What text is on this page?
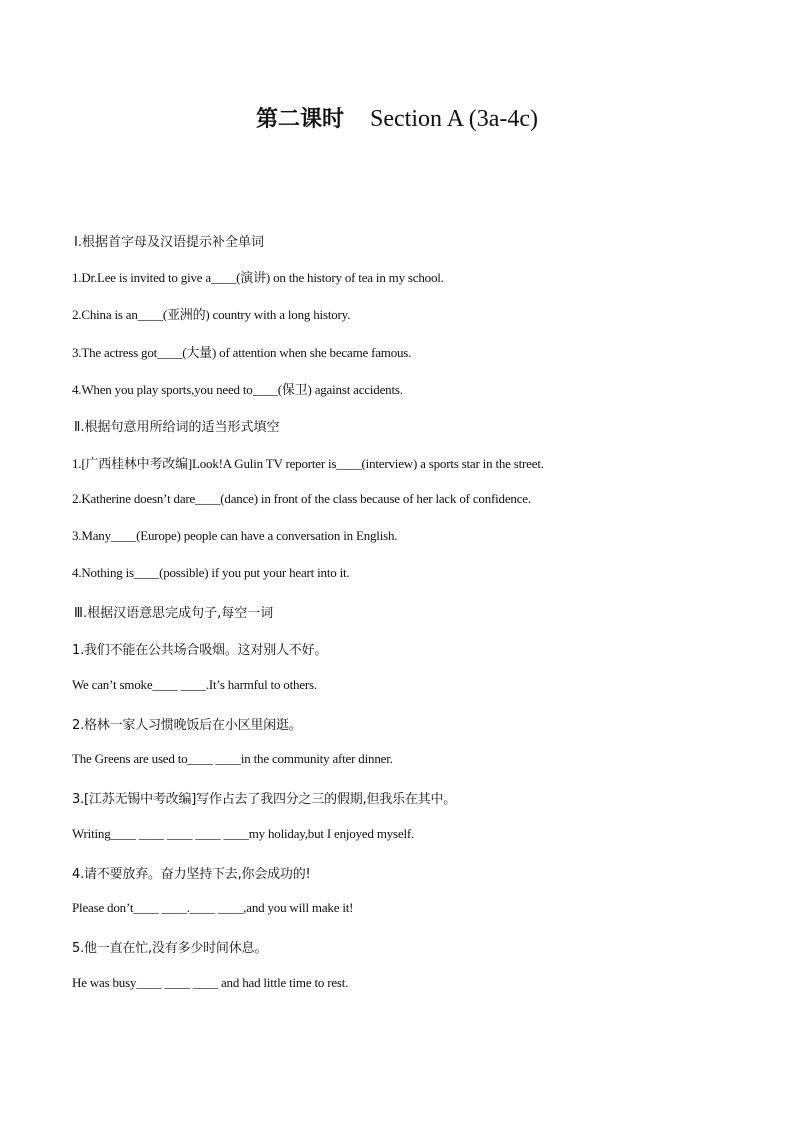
第二课时 Section A (3a-4c)

Ⅰ.根据首字母及汉语提示补全单词

1.Dr.Lee is invited to give a____(演讲) on the history of tea in my school.

2.China is an____(亚洲的) country with a long history.

3.The actress got____(大量) of attention when she became famous.

4.When you play sports,you need to____(保卫) against accidents.

Ⅱ.根据句意用所给词的适当形式填空

1.[广西桂林中考改编]Look!A Gulin TV reporter is____(interview) a sports star in the street.

2.Katherine doesn’t dare____(dance) in front of the class because of her lack of confidence.

3.Many____(Europe) people can have a conversation in English.

4.Nothing is____(possible) if you put your heart into it.

Ⅲ.根据汉语意思完成句子,每空一词

1.我们不能在公共场合吸烟。这对别人不好。

We can’t smoke____ ____.It’s harmful to others.

2.格林一家人习惯晚饭后在小区里闲逛。

The Greens are used to____ ____in the community after dinner.

3.[江苏无锡中考改编]写作占去了我四分之三的假期,但我乐在其中。

Writing____ ____ ____ ____ ____my holiday,but I enjoyed myself.

4.请不要放弃。奋力坚持下去,你会成功的!

Please don’t____ ____.____ ____,and you will make it!

5.他一直在忙,没有多少时间休息。

He was busy____ ____ ____ and had little time to rest.
